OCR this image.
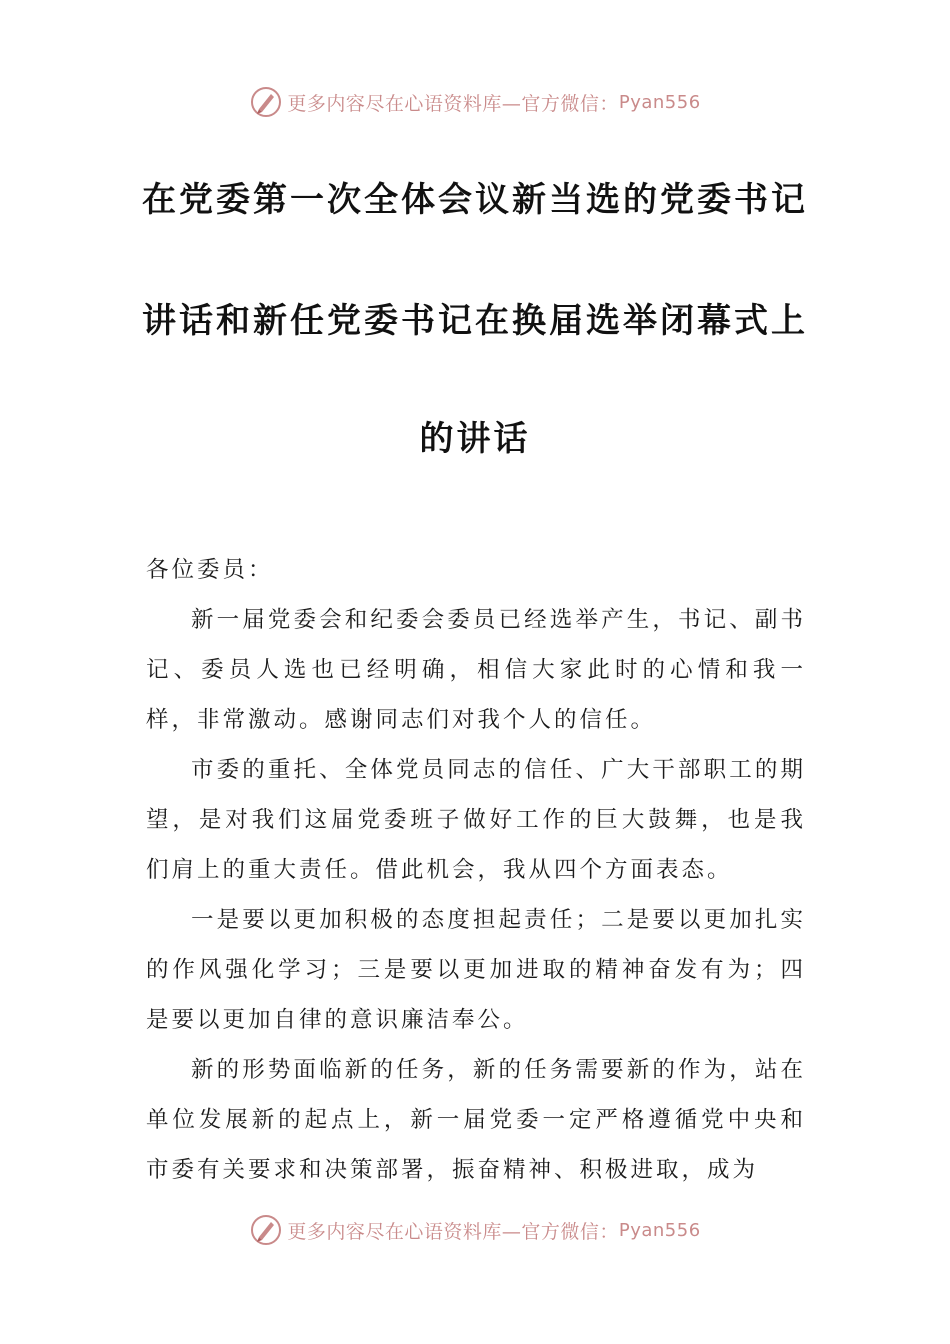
更多内容尽在心语资料库—官方微信： Pyan556
在党委第一次全体会议新当选的党委书记
讲话和新任党委书记在换届选举闭幕式上
的讲话
各位委员：

新一届党委会和纪委会委员已经选举产生，书记、副书记、委员人选也已经明确，相信大家此时的心情和我一样，非常激动。感谢同志们对我个人的信任。

市委的重托、全体党员同志的信任、广大干部职工的期望，是对我们这届党委班子做好工作的巨大鼓舞，也是我们肩上的重大责任。借此机会，我从四个方面表态。

一是要以更加积极的态度担起责任；二是要以更加扎实的作风强化学习；三是要以更加进取的精神奋发有为；四是要以更加自律的意识廉洁奉公。

新的形势面临新的任务，新的任务需要新的作为，站在单位发展新的起点上，新一届党委一定严格遵循党中央和市委有关要求和决策部署，振奋精神、积极进取，成为

更多内容尽在心语资料库—官方微信： Pyan556
